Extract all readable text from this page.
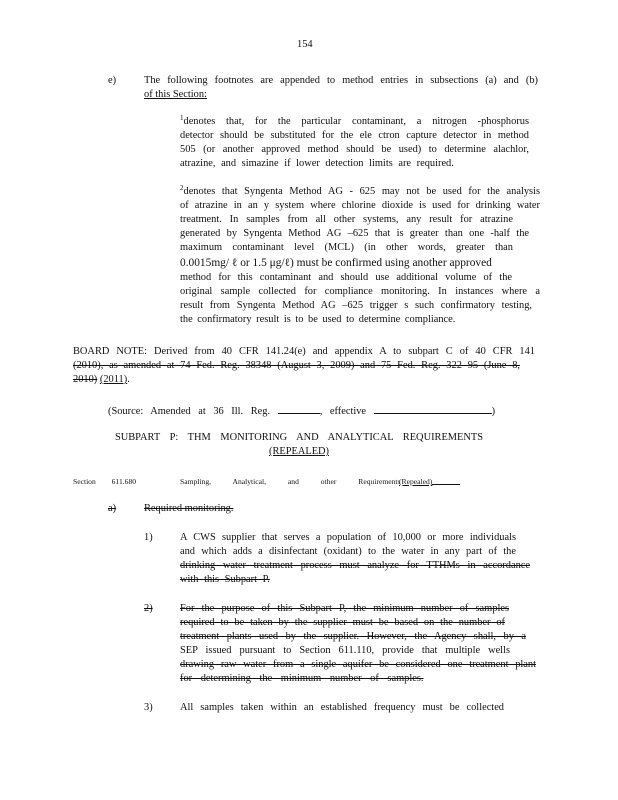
154
e)	The following footnotes are appended to method entries in subsections (a) and (b)
of this Section:
$^1$denotes that, for the particular contaminant, a nitrogen -phosphorus
detector should be substituted for the ele ctron capture detector in method
505 (or another approved method should be used) to determine alachlor,
atrazine, and simazine if lower detection limits are required.
$^2$denotes that Syngenta Method AG - 625 may not be used for the analysis
of atrazine in an y system where chlorine dioxide is used for drinking water
treatment. In samples from all other systems, any result for atrazine
generated by Syngenta Method AG –625 that is greater than one -half the
maximum contaminant level (MCL) (in other words, greater than
0.0015mg/ ℓ or 1.5 μg/ℓ) must be confirmed using another approved
method for this contaminant and should use additional volume of the
original sample collected for compliance monitoring. In instances where a
result from Syngenta Method AG –625 trigger s such confirmatory testing,
the confirmatory result is to be used to determine compliance.
BOARD NOTE: Derived from 40 CFR 141.24(e) and appendix A to subpart C of 40 CFR 141
(2010), as amended at 74 Fed. Reg. 38348 (August 3, 2009) and 75 Fed. Reg. 322 95 (June 8,
2010) (2011).
(Source: Amended at 36 Ill. Reg.	, effective	)
SUBPART P: THM MONITORING AND ANALYTICAL REQUIREMENTS
(REPEALED)
Section 611.680	Sampling, Analytical, and other Requirements
(Repealed)
a)	Required monitoring.
1)	A CWS supplier that serves a population of 10,000 or more individuals
and which adds a disinfectant (oxidant) to the water in any part of the
drinking water treatment process must analyze for TTHMs in accordance
with this Subpart P.
2)	For the purpose of this Subpart P, the minimum number of samples
required to be taken by the supplier must be based on the number of
treatment plants used by the supplier. However, the Agency shall, by a
SEP issued pursuant to Section 611.110, provide that multiple wells
drawing raw water from a single aquifer be considered one treatment plant
for determining the minimum number of samples.
3)	All samples taken within an established frequency must be collected
